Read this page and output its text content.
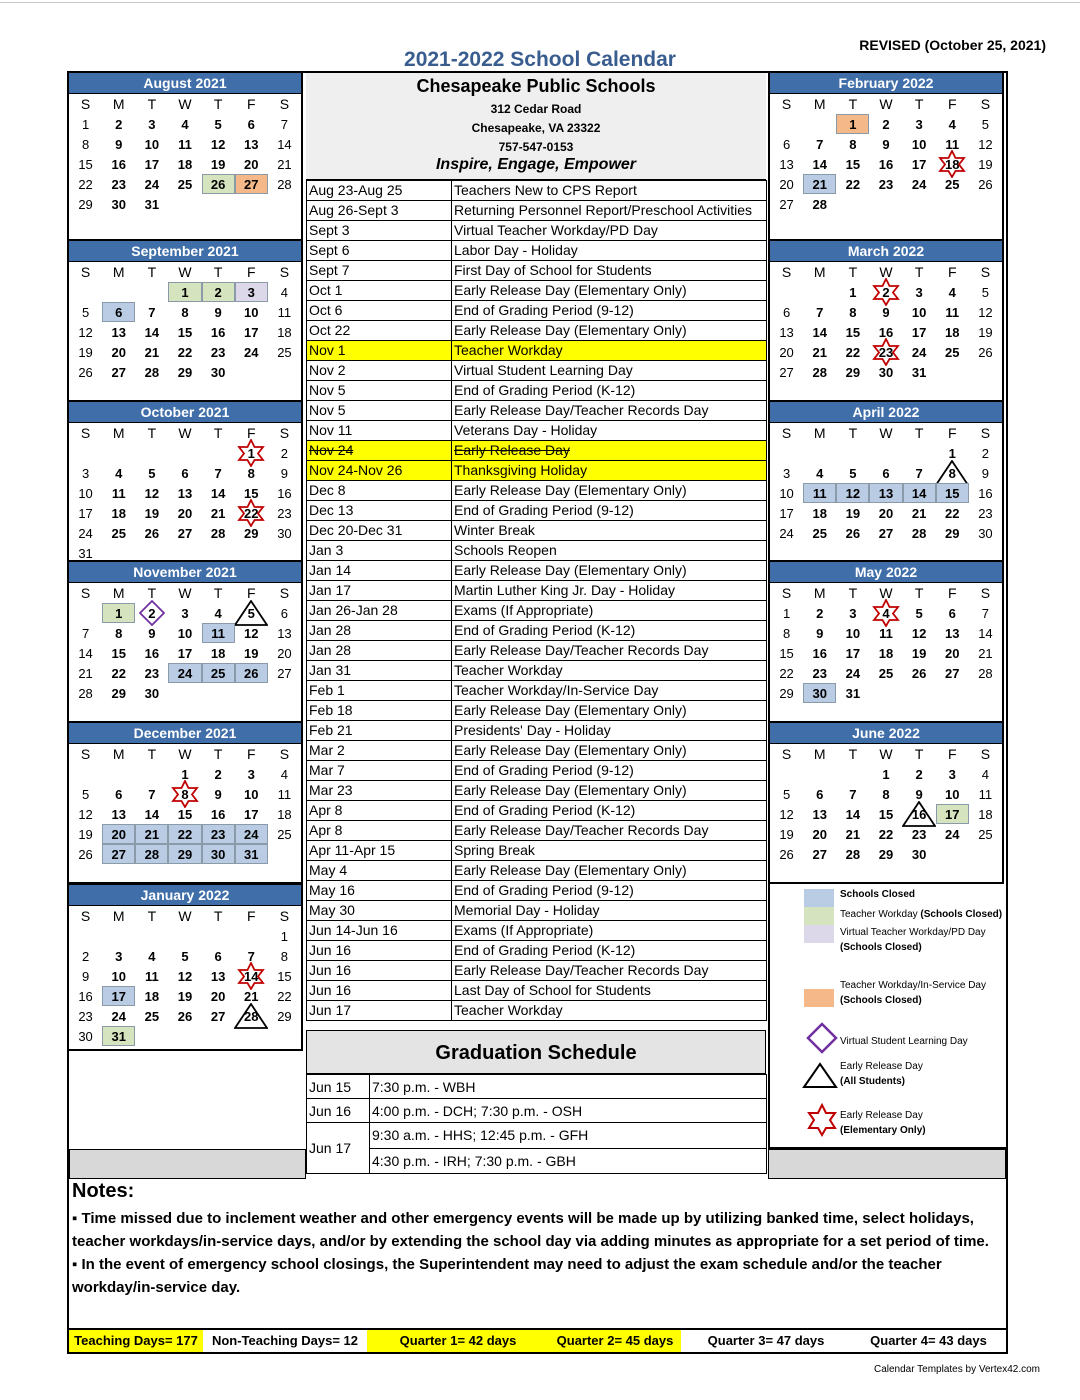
2021-2022 School Calendar
REVISED (October 25, 2021)
August 2021
S	M	T	W	T	F	S
1	2	3	4	5	6	7
8	9	10	11	12	13	14
15	16	17	18	19	20	21
22	23	24	25	26	27	28
29	30	31				
September 2021
S	M	T	W	T	F	S
			1	2	3	4
5	6	7	8	9	10	11
12	13	14	15	16	17	18
19	20	21	22	23	24	25
26	27	28	29	30		
October 2021
S	M	T	W	T	F	S
					1	2
3	4	5	6	7	8	9
10	11	12	13	14	15	16
17	18	19	20	21	22	23
24	25	26	27	28	29	30
31						
November 2021
S	M	T	W	T	F	S
	1	2	3	4	5	6
7	8	9	10	11	12	13
14	15	16	17	18	19	20
21	22	23	24	25	26	27
28	29	30				
December 2021
S	M	T	W	T	F	S
			1	2	3	4
5	6	7	8	9	10	11
12	13	14	15	16	17	18
19	20	21	22	23	24	25
26	27	28	29	30	31	
January 2022
S	M	T	W	T	F	S
						1
2	3	4	5	6	7	8
9	10	11	12	13	14	15
16	17	18	19	20	21	22
23	24	25	26	27	28	29
30	31					
February 2022
S	M	T	W	T	F	S
		1	2	3	4	5
6	7	8	9	10	11	12
13	14	15	16	17	18	19
20	21	22	23	24	25	26
27	28					
March 2022
S	M	T	W	T	F	S
		1	2	3	4	5
6	7	8	9	10	11	12
13	14	15	16	17	18	19
20	21	22	23	24	25	26
27	28	29	30	31		
April 2022
S	M	T	W	T	F	S
					1	2
3	4	5	6	7	8	9
10	11	12	13	14	15	16
17	18	19	20	21	22	23
24	25	26	27	28	29	30
May 2022
S	M	T	W	T	F	S
1	2	3	4	5	6	7
8	9	10	11	12	13	14
15	16	17	18	19	20	21
22	23	24	25	26	27	28
29	30	31				
June 2022
S	M	T	W	T	F	S
			1	2	3	4
5	6	7	8	9	10	11
12	13	14	15	16	17	18
19	20	21	22	23	24	25
26	27	28	29	30		
Chesapeake Public Schools
312 Cedar Road
Chesapeake, VA 23322
757-547-0153
Inspire, Engage, Empower
Aug 23-Aug 25	Teachers New to CPS Report
Aug 26-Sept 3	Returning Personnel Report/Preschool Activities
Sept 3	Virtual Teacher Workday/PD Day
Sept 6	Labor Day - Holiday
Sept 7	First Day of School for Students
Oct 1	Early Release Day (Elementary Only)
Oct 6	End of Grading Period (9-12)
Oct 22	Early Release Day (Elementary Only)
Nov 1	Teacher Workday
Nov 2	Virtual Student Learning Day
Nov 5	End of Grading Period (K-12)
Nov 5	Early Release Day/Teacher Records Day
Nov 11	Veterans Day - Holiday
Nov 24	Early Release Day
Nov 24-Nov 26	Thanksgiving Holiday
Dec 8	Early Release Day (Elementary Only)
Dec 13	End of Grading Period (9-12)
Dec 20-Dec 31	Winter Break
Jan 3	Schools Reopen
Jan 14	Early Release Day (Elementary Only)
Jan 17	Martin Luther King Jr. Day - Holiday
Jan 26-Jan 28	Exams (If Appropriate)
Jan 28	End of Grading Period (K-12)
Jan 28	Early Release Day/Teacher Records Day
Jan 31	Teacher Workday
Feb 1	Teacher Workday/In-Service Day
Feb 18	Early Release Day (Elementary Only)
Feb 21	Presidents' Day - Holiday
Mar 2	Early Release Day (Elementary Only)
Mar 7	End of Grading Period (9-12)
Mar 23	Early Release Day (Elementary Only)
Apr 8	End of Grading Period (K-12)
Apr 8	Early Release Day/Teacher Records Day
Apr 11-Apr 15	Spring Break
May 4	Early Release Day (Elementary Only)
May 16	End of Grading Period (9-12)
May 30	Memorial Day - Holiday
Jun 14-Jun 16	Exams (If Appropriate)
Jun 16	End of Grading Period (K-12)
Jun 16	Early Release Day/Teacher Records Day
Jun 16	Last Day of School for Students
Jun 17	Teacher Workday
Graduation Schedule
Jun 15	7:30 p.m. - WBH
Jun 16	4:00 p.m. - DCH; 7:30 p.m. - OSH
Jun 17	9:30 a.m. - HHS; 12:45 p.m. - GFH
	4:30 p.m. - IRH; 7:30 p.m. - GBH
Schools Closed
Teacher Workday (Schools Closed)
Virtual Teacher Workday/PD Day
(Schools Closed)
Teacher Workday/In-Service Day
(Schools Closed)
Virtual Student Learning Day
Early Release Day
(All Students)
Early Release Day
(Elementary Only)
Notes:

▪ Time missed due to inclement weather and other emergency events will be made up by utilizing banked time, select holidays, teacher workdays/in-service days, and/or by extending the school day via adding minutes as appropriate for a set period of time.

▪ In the event of emergency school closings, the Superintendent may need to adjust the exam schedule and/or the teacher workday/in-service day.

Teaching Days= 177	Non-Teaching Days= 12	Quarter 1= 42 days	Quarter 2= 45 days	Quarter 3= 47 days	Quarter 4= 43 days
Calendar Templates by Vertex42.com
